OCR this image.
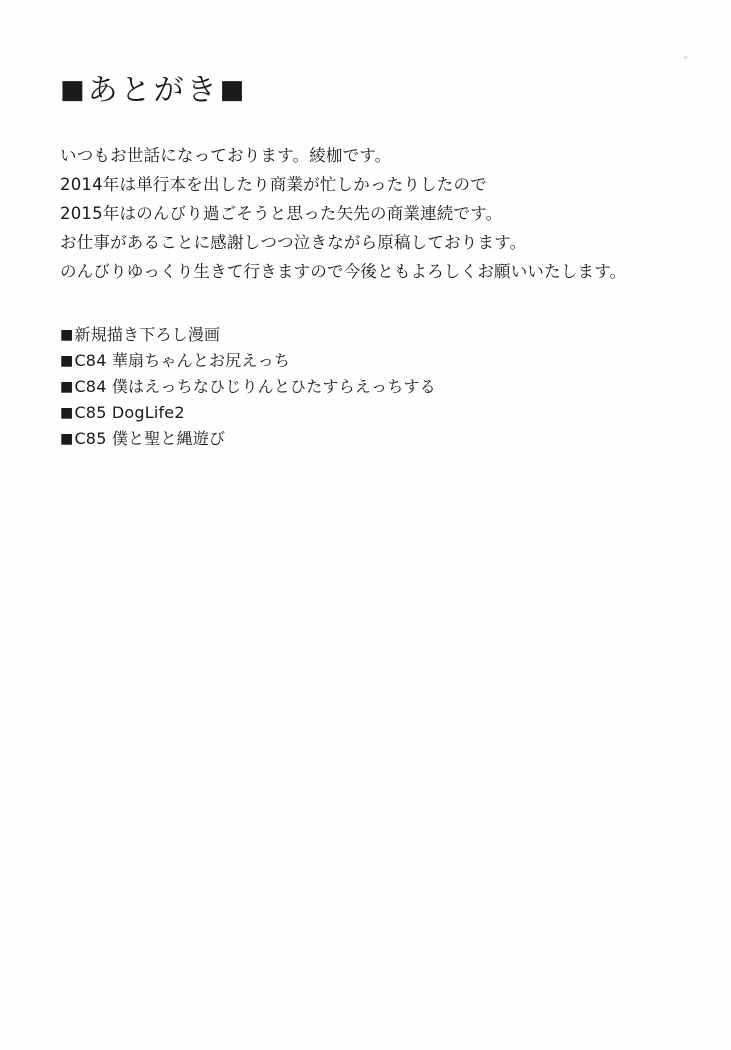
■あとがき■
いつもお世話になっております。綾枷です。
2014年は単行本を出したり商業が忙しかったりしたので
2015年はのんびり過ごそうと思った矢先の商業連続です。
お仕事があることに感謝しつつ泣きながら原稿しております。
のんびりゆっくり生きて行きますので今後ともよろしくお願いいたします。
■新規描き下ろし漫画
■C84 華扇ちゃんとお尻えっち
■C84 僕はえっちなひじりんとひたすらえっちする
■C85 DogLife2
■C85 僕と聖と縄遊び
